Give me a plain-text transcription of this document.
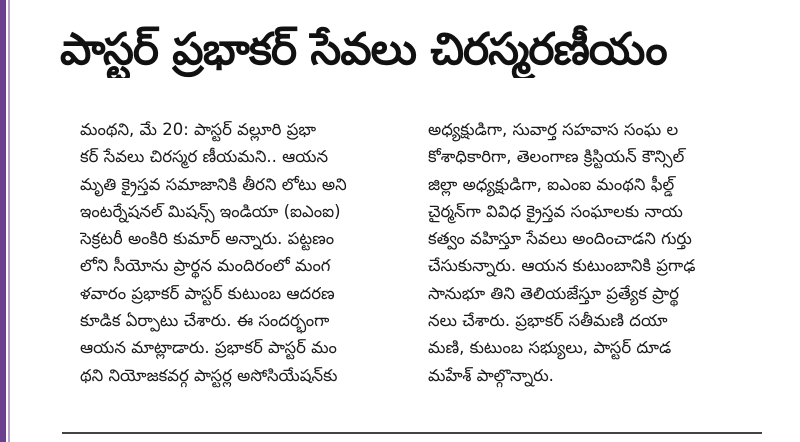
పాస్టర్ ప్రభాకర్ సేవలు చిరస్మరణీయం
మంథని, మే 20: పాస్టర్ వల్లూరి ప్రభా
కర్ సేవలు చిరస్మర ణీయమని.. ఆయన
మృతి క్రైస్తవ సమాజానికి తీరని లోటు అని
ఇంటర్నేషనల్ మిషన్స్ ఇండియా (ఐఎంఐ)
సెక్రటరీ అంకిరి కుమార్ అన్నారు. పట్టణం
లోని సీయోను ప్రార్థన మందిరంలో మంగ
ళవారం ప్రభాకర్ పాస్టర్ కుటుంబ ఆదరణ
కూడిక ఏర్పాటు చేశారు. ఈ సందర్భంగా
ఆయన మాట్లాడారు. ప్రభాకర్ పాస్టర్ మం
థని నియోజకవర్గ పాస్టర్ల అసోసియేషన్‌కు
అధ్యక్షుడిగా, సువార్త సహవాస సంఘ ల
కోశాధికారిగా, తెలంగాణ క్రిస్టియన్ కౌన్సిల్
జిల్లా అధ్యక్షుడిగా, ఐఎంఐ మంథని ఫీల్డ్
చైర్మన్‌గా వివిధ క్రైస్తవ సంఘాలకు నాయ
కత్వం వహిస్తూ సేవలు అందించాడని గుర్తు
చేసుకున్నారు. ఆయన కుటుంబానికి ప్రగాఢ
సానుభూ తిని తెలియజేస్తూ ప్రత్యేక ప్రార్థ
నలు చేశారు. ప్రభాకర్ సతీమణి దయా
మణి, కుటుంబ సభ్యులు, పాస్టర్ దూడ
మహేశ్ పాల్గొన్నారు.
